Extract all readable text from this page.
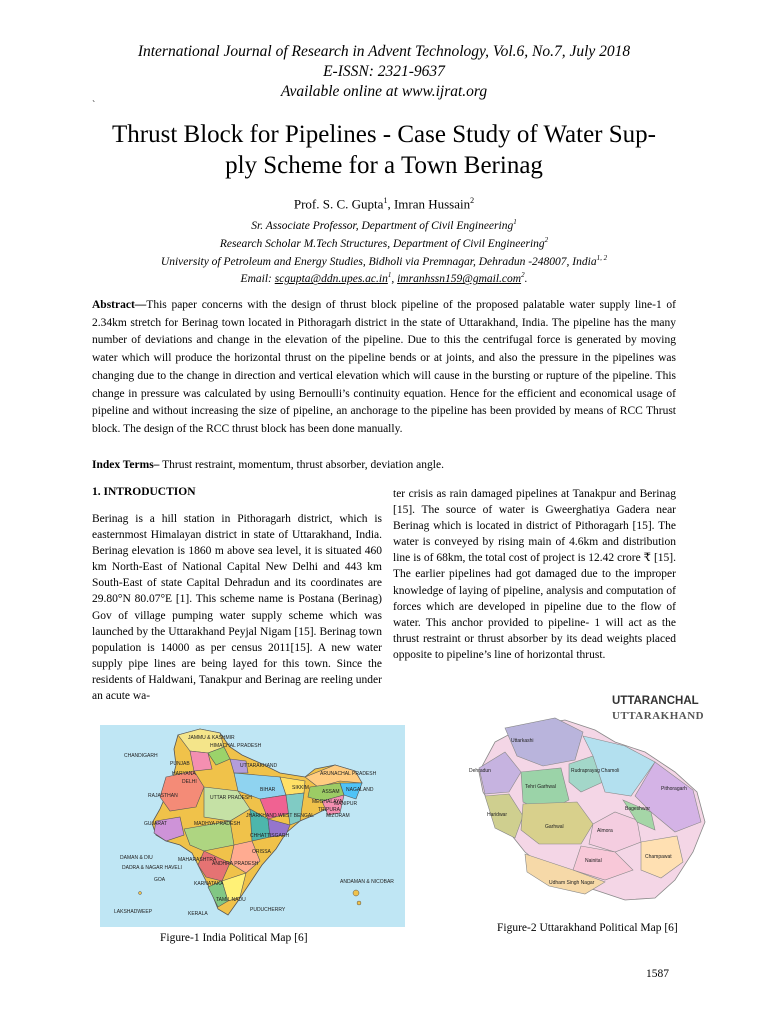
International Journal of Research in Advent Technology, Vol.6, No.7, July 2018
E-ISSN: 2321-9637
Available online at www.ijrat.org
`
Thrust Block for Pipelines - Case Study of Water Sup-
ply Scheme for a Town Berinag
Prof. S. C. Gupta$^1$, Imran Hussain$^2$
Sr. Associate Professor, Department of Civil Engineering$^1$
Research Scholar M.Tech Structures, Department of Civil Engineering$^2$
University of Petroleum and Energy Studies, Bidholi via Premnagar, Dehradun -248007, India$^{1, 2}$
Email: $scgupta@ddn.upes.ac.in^1$, imranhssn159@gmail.com$^2$.
Abstract—This paper concerns with the design of thrust block pipeline of the proposed palatable water supply line-1 of 2.34km stretch for Berinag town located in Pithoragarh district in the state of Uttarakhand, India. The pipeline has the many number of deviations and change in the elevation of the pipeline. Due to this the centrifugal force is generated by moving water which will produce the horizontal thrust on the pipeline bends or at joints, and also the pressure in the pipelines was changing due to the change in direction and vertical elevation which will cause in the bursting or rupture of the pipeline. This change in pressure was calculated by using Bernoulli’s continuity equation. Hence for the efficient and economical usage of pipeline and without increasing the size of pipeline, an anchorage to the pipeline has been provided by means of RCC Thrust block. The design of the RCC thrust block has been done manually.
Index Terms– Thrust restraint, momentum, thrust absorber, deviation angle.
1. INTRODUCTION
Berinag is a hill station in Pithoragarh district, which is easternmost Himalayan district in state of Uttarakhand, India. Berinag elevation is 1860 m above sea level, it is situated 460 km North-East of National Capital New Delhi and 443 km South-East of state Capital Dehradun and its coordinates are 29.80°N 80.07°E [1]. This scheme name is Postana (Berinag) Gov of village pumping water supply scheme which was launched by the Uttarakhand Peyjal Nigam [15]. Berinag town population is 14000 as per census 2011[15]. A new water supply pipe lines are being layed for this town. Since the residents of Haldwani, Tanakpur and Berinag are reeling under an acute wa-
ter crisis as rain damaged pipelines at Tanakpur and Berinag [15]. The source of water is Gweerghatiya Gadera near Berinag which is located in district of Pithoragarh [15]. The water is conveyed by rising main of 4.6km and distribution line is of 68km, the total cost of project is 12.42 crore ₹ [15]. The earlier pipelines had got damaged due to the improper knowledge of laying of pipeline, analysis and computation of forces which are developed in pipeline due to the flow of water. This anchor provided to pipeline- 1 will act as the thrust restraint or thrust absorber by its dead weights placed opposite to pipeline’s line of horizontal thrust.
JAMMU & KASHMIR
HIMACHAL PRADESH
CHANDIGARH
PUNJAB	UTTARAKHAND
HARYANA
DELHI
RAJASTHAN	UTTAR PRADESH
BIHAR	SIKKIM
ARUNACHAL PRADESH
ASSAM NAGALAND
MEGHALAYA
MANIPUR
TRIPURA
MIZORAM
WEST BENGAL
JHARKHAND
GUJARAT	MADHYA PRADESH
CHHATTISGARH
ORISSA
DAMAN & DIU
DADRA & NAGAR HAVELI
MAHARASHTRA
ANDHRA PRADESH
GOA
KARNATAKA
TAMIL NADU
KERALA
LAKSHADWEEP	PUDUCHERRY
ANDAMAN & NICOBAR
Figure-1 India Political Map [6]
UTTARANCHAL
UTTARAKHAND
Uttarkashi
Dehradun
Tehri Garhwal
Rudraprayag Chamoli
Pithoragarh
Haridwar
Garhwal
Almora
Bageshwar
Nainital
Champawat
Udham Singh Nagar
Figure-2 Uttarakhand Political Map [6]
1587
